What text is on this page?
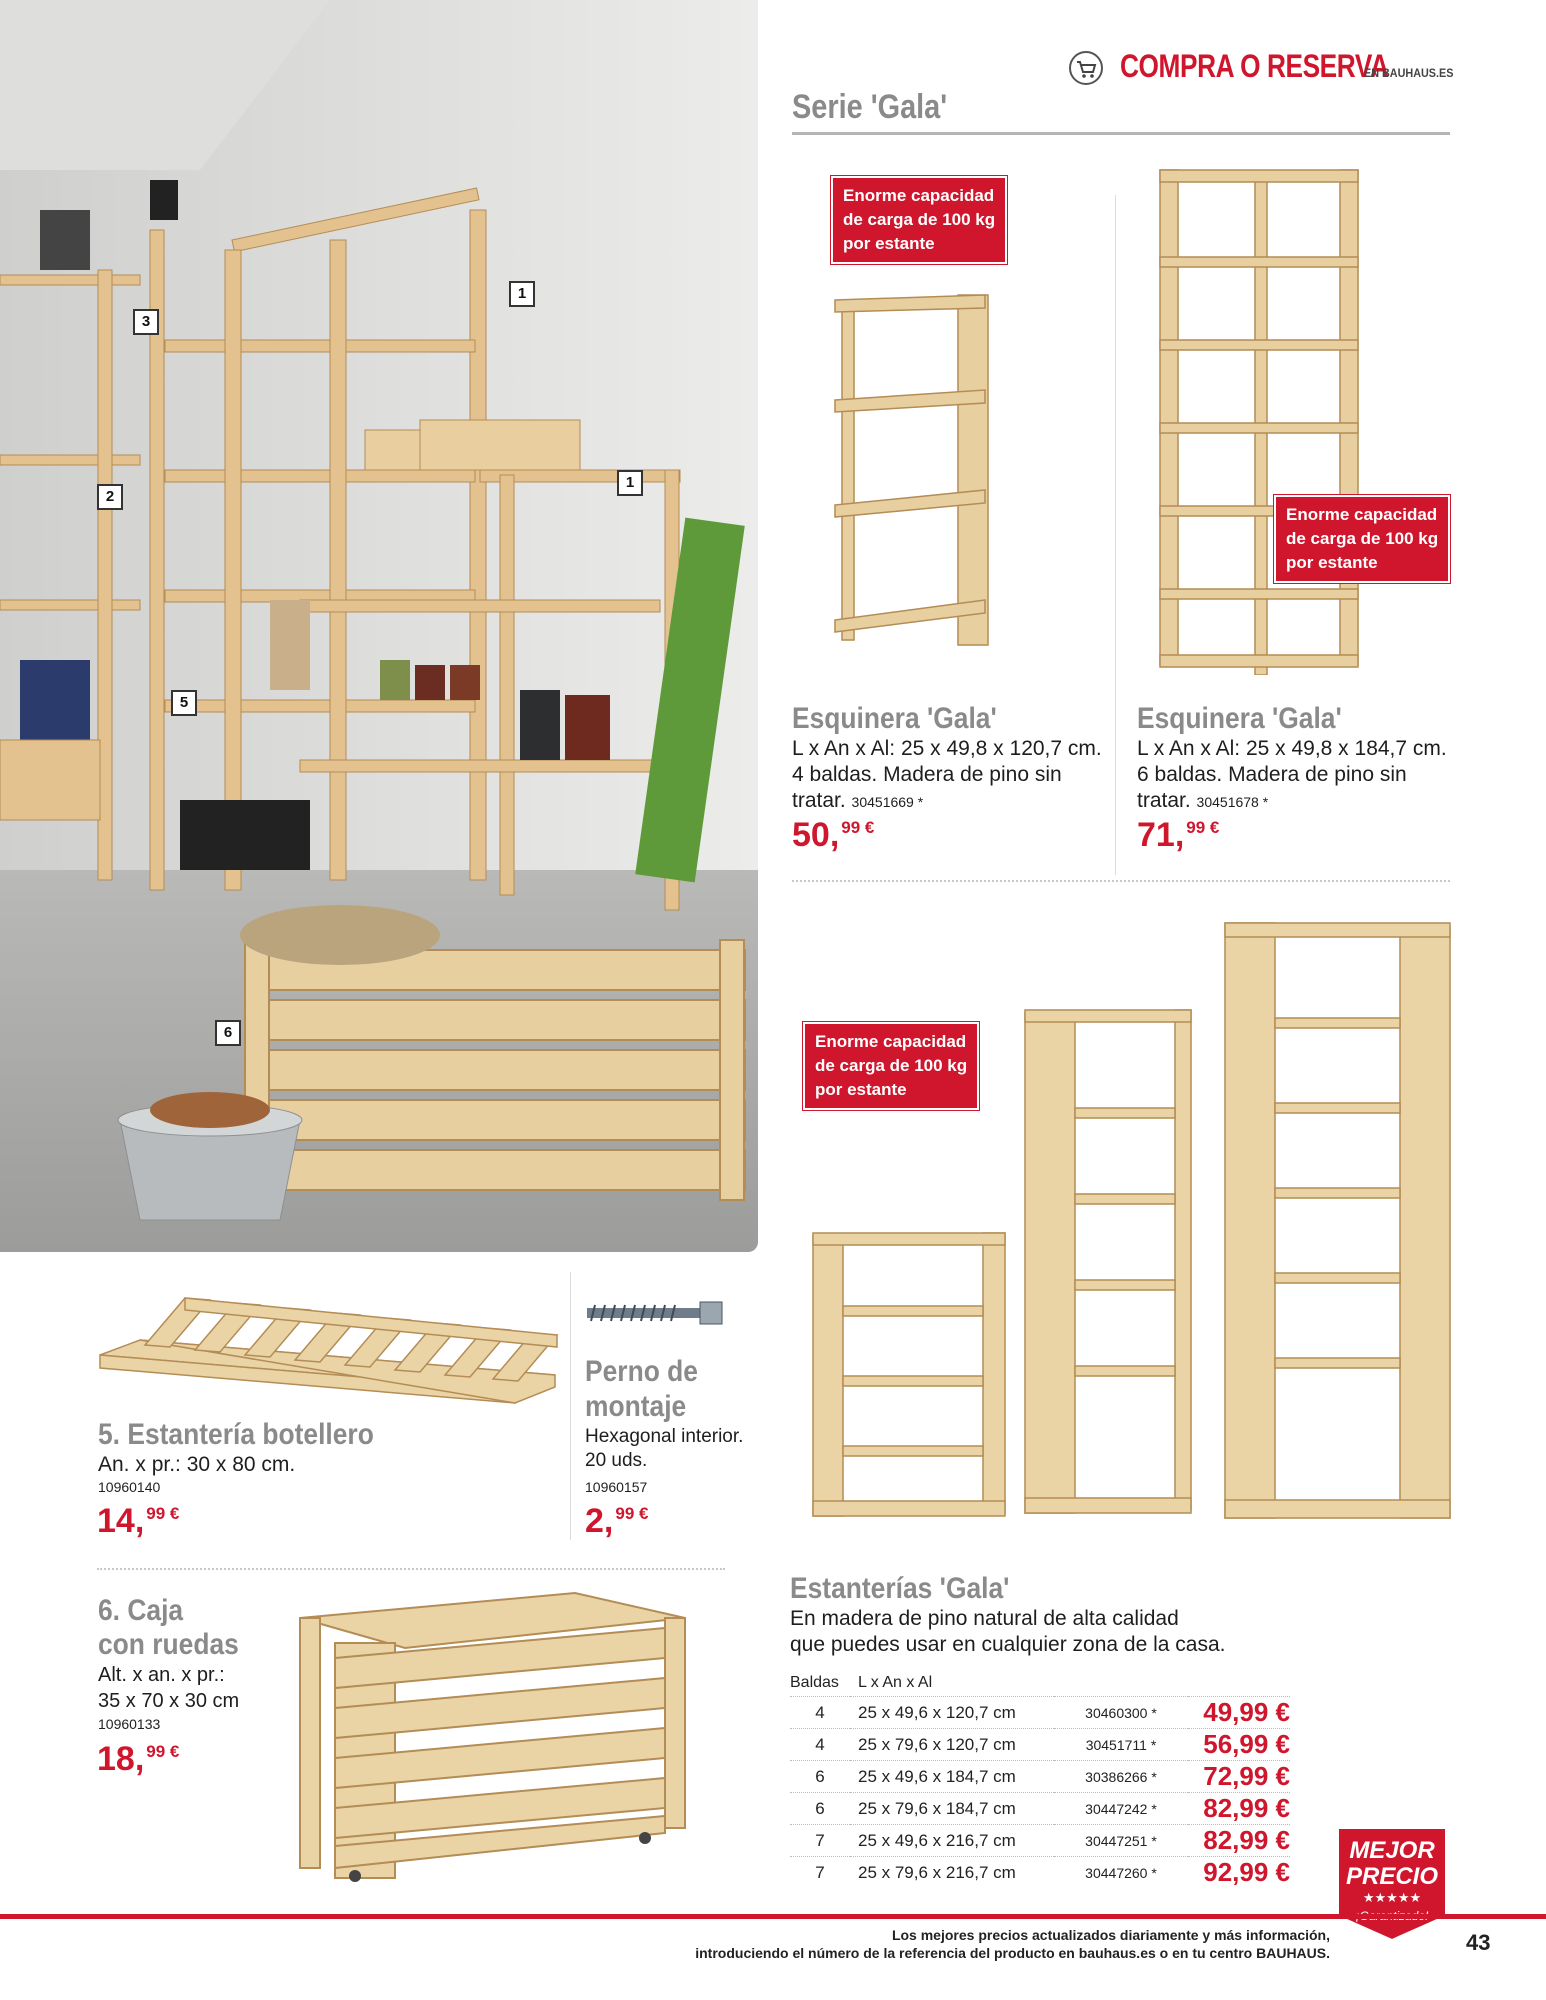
1
3
2
1
5
6
COMPRA O RESERVA
EN BAUHAUS.ES
Serie 'Gala'
Enorme capacidad
de carga de 100 kg
por estante
Esquinera 'Gala'
L x An x Al: 25 x 49,8 x 120,7 cm.
4 baldas. Madera de pino sin
tratar. 30451669 *
50, $^{99 €}$
Enorme capacidad
de carga de 100 kg
por estante
Esquinera 'Gala'
L x An x Al: 25 x 49,8 x 184,7 cm.
6 baldas. Madera de pino sin
tratar. 30451678 *
71, $^{99 €}$
Enorme capacidad
de carga de 100 kg
por estante
Estanterías 'Gala'
En madera de pino natural de alta calidad
que puedes usar en cualquier zona de la casa.
Baldas	L x An x Al		
4	25 x 49,6 x 120,7 cm	30460300 *	49,99 €
4	25 x 79,6 x 120,7 cm	30451711 *	56,99 €
6	25 x 49,6 x 184,7 cm	30386266 *	72,99 €
6	25 x 79,6 x 184,7 cm	30447242 *	82,99 €
7	25 x 49,6 x 216,7 cm	30447251 *	82,99 €
7	25 x 79,6 x 216,7 cm	30447260 *	92,99 €
5. Estantería botellero
An. x pr.: 30 x 80 cm.
10960140
14, $^{99 €}$
Perno de
montaje
Hexagonal interior.
20 uds.
10960157
2, $^{99 €}$
6. Caja
con ruedas
Alt. x an. x pr.:
35 x 70 x 30 cm
10960133
18, $^{99 €}$
MEJOR
PRECIO
★★★★★
Los mejores precios actualizados diariamente y más información,
introduciendo el número de la referencia del producto en bauhaus.es o en tu centro BAUHAUS.	43
